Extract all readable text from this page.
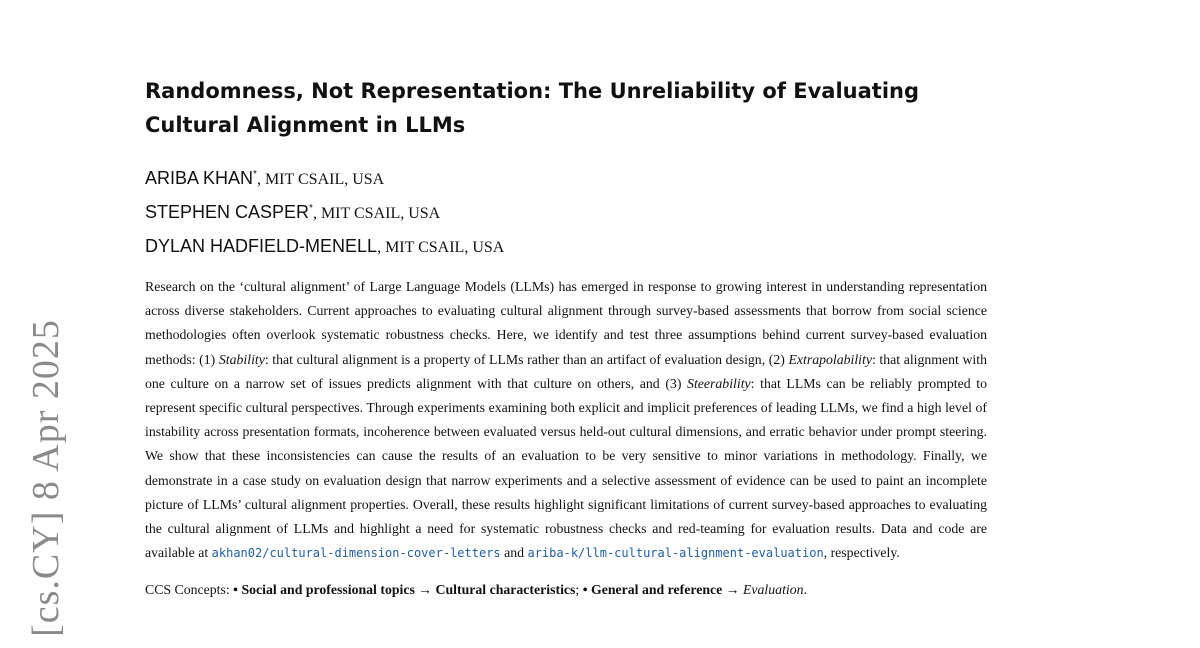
[cs.CY] 8 Apr 2025
Randomness, Not Representation: The Unreliability of Evaluating Cultural Alignment in LLMs
ARIBA KHAN*, MIT CSAIL, USA
STEPHEN CASPER*, MIT CSAIL, USA
DYLAN HADFIELD-MENELL, MIT CSAIL, USA

Research on the ‘cultural alignment’ of Large Language Models (LLMs) has emerged in response to growing interest in understanding representation across diverse stakeholders. Current approaches to evaluating cultural alignment through survey-based assessments that borrow from social science methodologies often overlook systematic robustness checks. Here, we identify and test three assumptions behind current survey-based evaluation methods: (1) Stability: that cultural alignment is a property of LLMs rather than an artifact of evaluation design, (2) Extrapolability: that alignment with one culture on a narrow set of issues predicts alignment with that culture on others, and (3) Steerability: that LLMs can be reliably prompted to represent specific cultural perspectives. Through experiments examining both explicit and implicit preferences of leading LLMs, we find a high level of instability across presentation formats, incoherence between evaluated versus held-out cultural dimensions, and erratic behavior under prompt steering. We show that these inconsistencies can cause the results of an evaluation to be very sensitive to minor variations in methodology. Finally, we demonstrate in a case study on evaluation design that narrow experiments and a selective assessment of evidence can be used to paint an incomplete picture of LLMs’ cultural alignment properties. Overall, these results highlight significant limitations of current survey-based approaches to evaluating the cultural alignment of LLMs and highlight a need for systematic robustness checks and red-teaming for evaluation results. Data and code are available at akhan02/cultural-dimension-cover-letters and ariba-k/llm-cultural-alignment-evaluation, respectively.

CCS Concepts: • Social and professional topics → Cultural characteristics; • General and reference → Evaluation.
